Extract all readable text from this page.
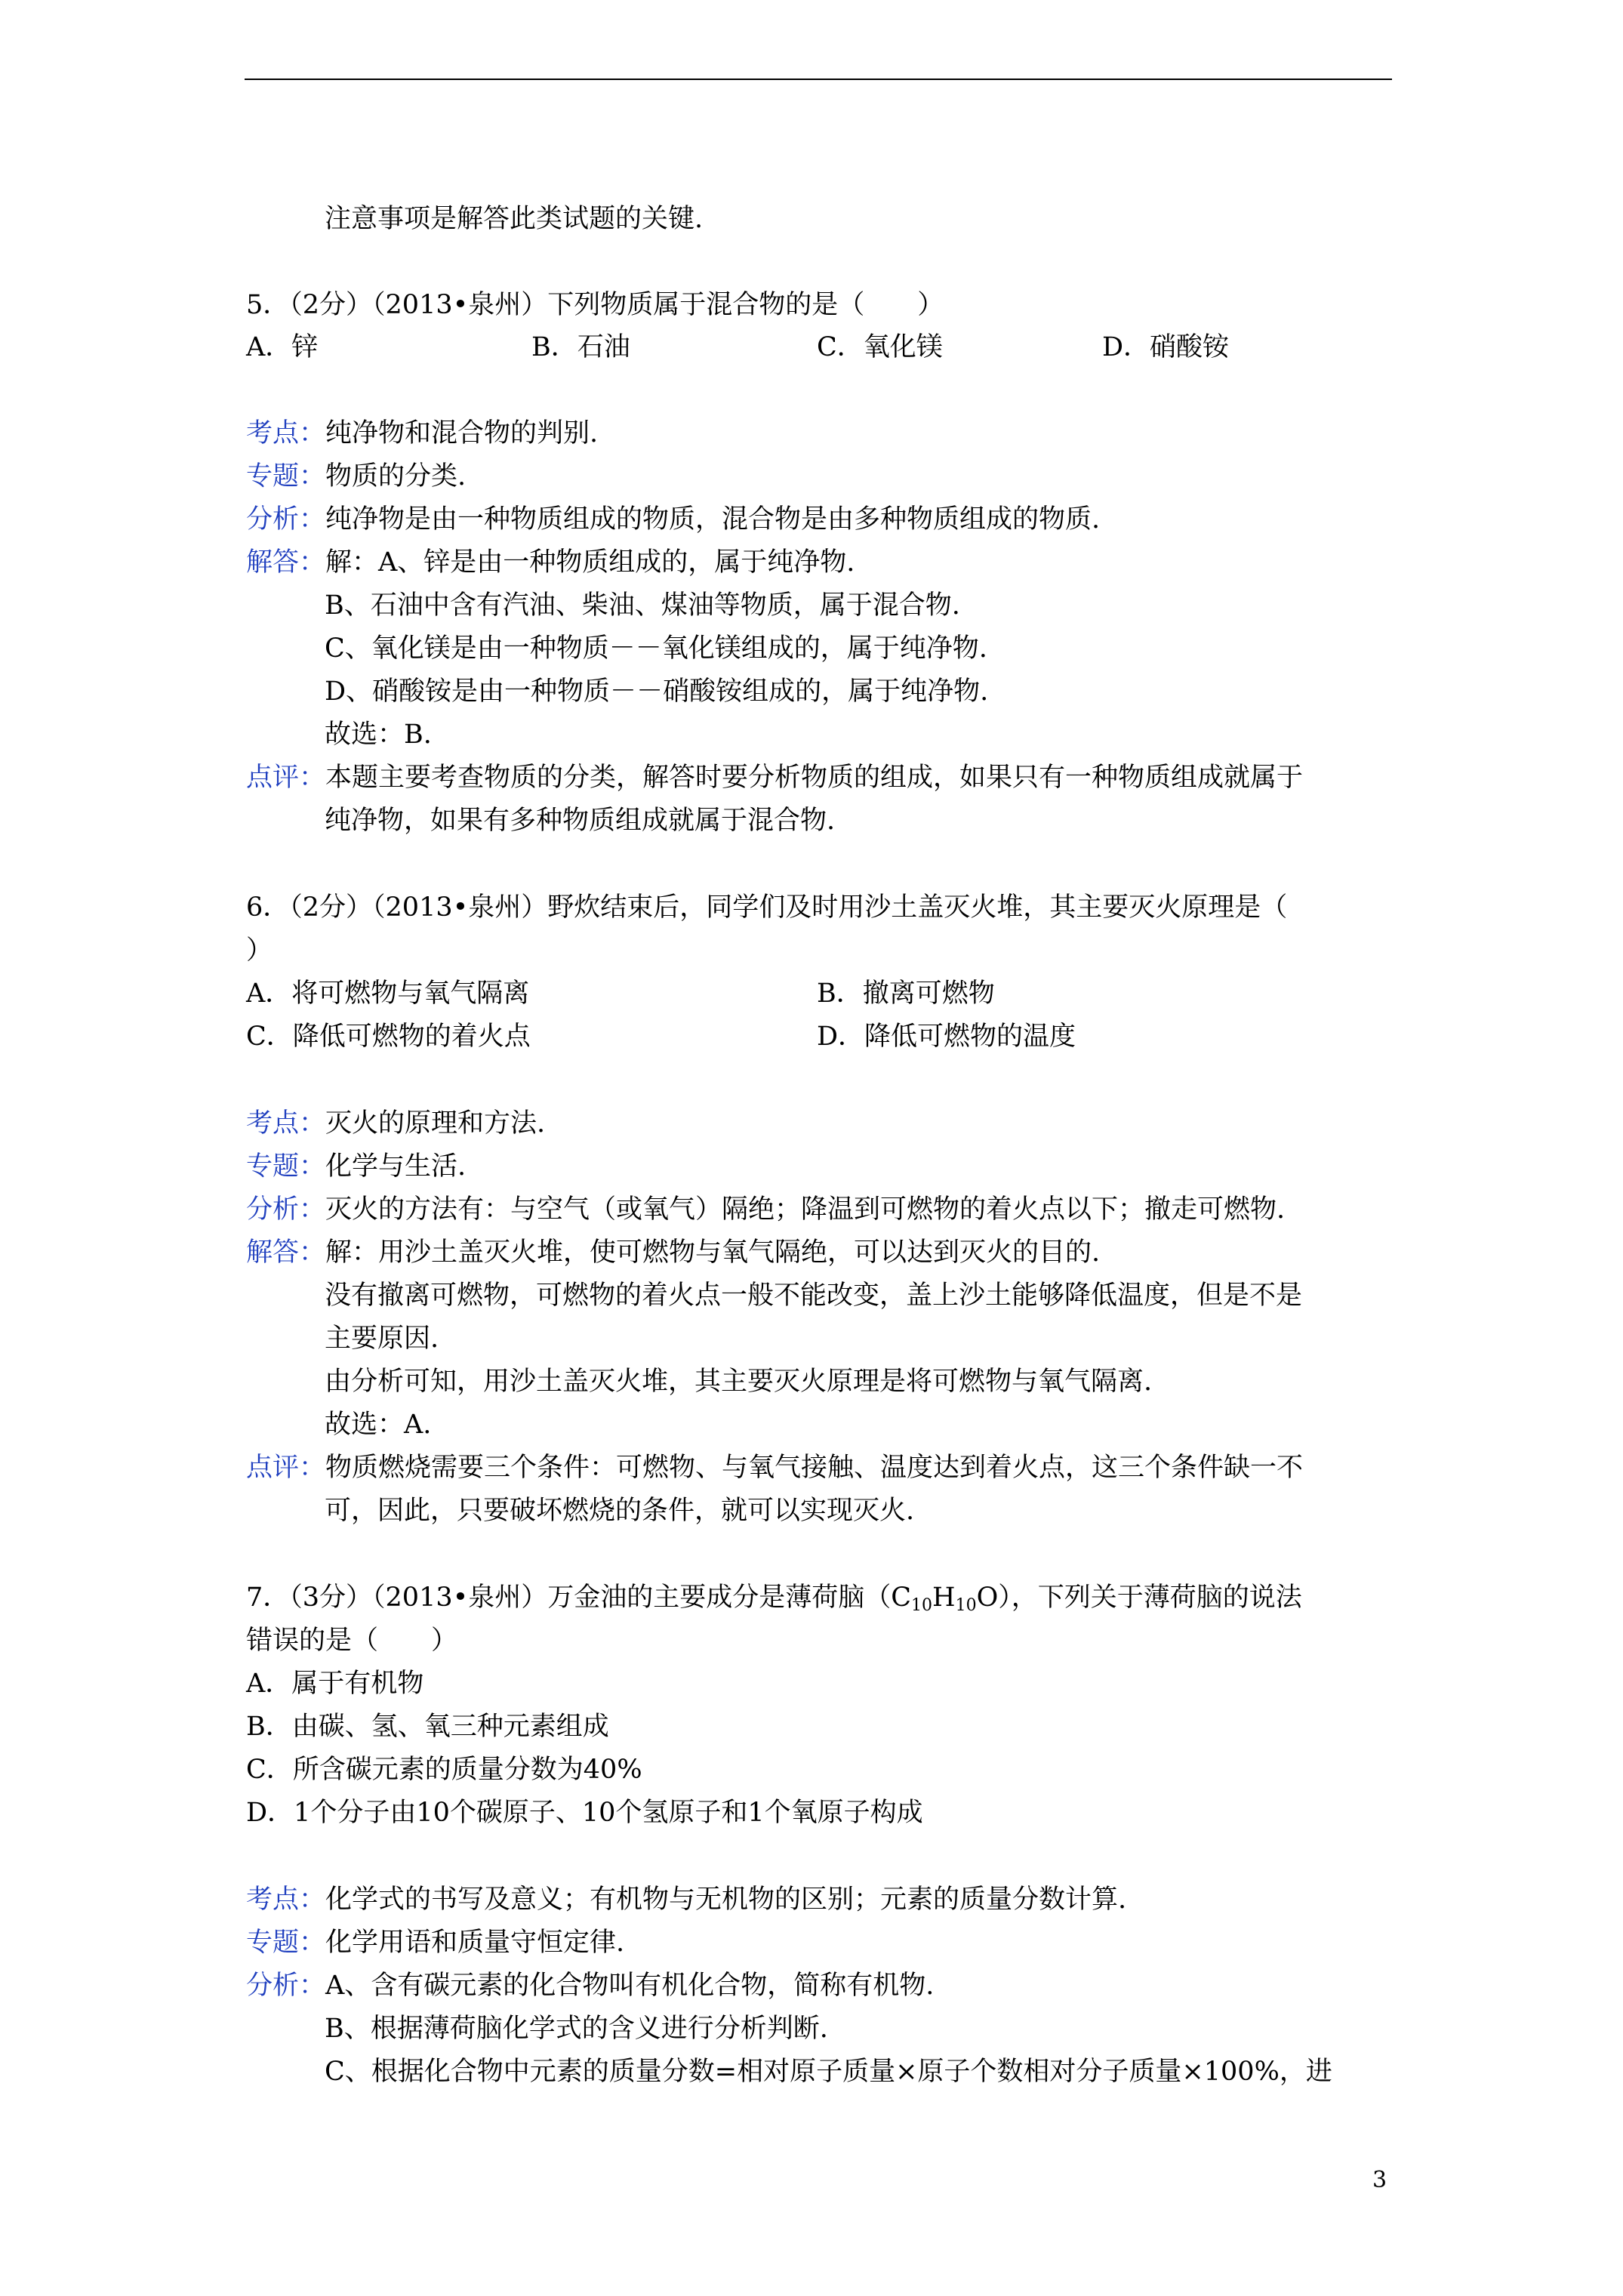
注意事项是解答此类试题的关键.
5．（2分）（2013•泉州）下列物质属于混合物的是（　　）
A．锌	B．石油	C．氧化镁	D．硝酸铵
考点：纯净物和混合物的判别.
专题：物质的分类.
分析：纯净物是由一种物质组成的物质，混合物是由多种物质组成的物质.
解答：解：A、锌是由一种物质组成的，属于纯净物.
B、石油中含有汽油、柴油、煤油等物质，属于混合物.
C、氧化镁是由一种物质－－氧化镁组成的，属于纯净物.
D、硝酸铵是由一种物质－－硝酸铵组成的，属于纯净物.
故选：B.
点评：本题主要考查物质的分类，解答时要分析物质的组成，如果只有一种物质组成就属于
纯净物，如果有多种物质组成就属于混合物.
6．（2分）（2013•泉州）野炊结束后，同学们及时用沙土盖灭火堆，其主要灭火原理是（
）
A．将可燃物与氧气隔离	B．撤离可燃物
C．降低可燃物的着火点	D．降低可燃物的温度
考点：灭火的原理和方法.
专题：化学与生活.
分析：灭火的方法有：与空气（或氧气）隔绝；降温到可燃物的着火点以下；撤走可燃物.
解答：解：用沙土盖灭火堆，使可燃物与氧气隔绝，可以达到灭火的目的.
没有撤离可燃物，可燃物的着火点一般不能改变，盖上沙土能够降低温度，但是不是
主要原因.
由分析可知，用沙土盖灭火堆，其主要灭火原理是将可燃物与氧气隔离.
故选：A.
点评：物质燃烧需要三个条件：可燃物、与氧气接触、温度达到着火点，这三个条件缺一不
可，因此，只要破坏燃烧的条件，就可以实现灭火.
7．（3分）（2013•泉州）万金油的主要成分是薄荷脑$(C_{10}H_{10}O)$，下列关于薄荷脑的说法
错误的是（　　）
A．属于有机物
B．由碳、氢、氧三种元素组成
C．所含碳元素的质量分数为40%
D．1个分子由10个碳原子、10个氢原子和1个氧原子构成
考点：化学式的书写及意义；有机物与无机物的区别；元素的质量分数计算.
专题：化学用语和质量守恒定律.
分析：A、含有碳元素的化合物叫有机化合物，简称有机物.
B、根据薄荷脑化学式的含义进行分析判断.
C、根据化合物中元素的质量分数=相对原子质量×原子个数相对分子质量×100%，进
3
